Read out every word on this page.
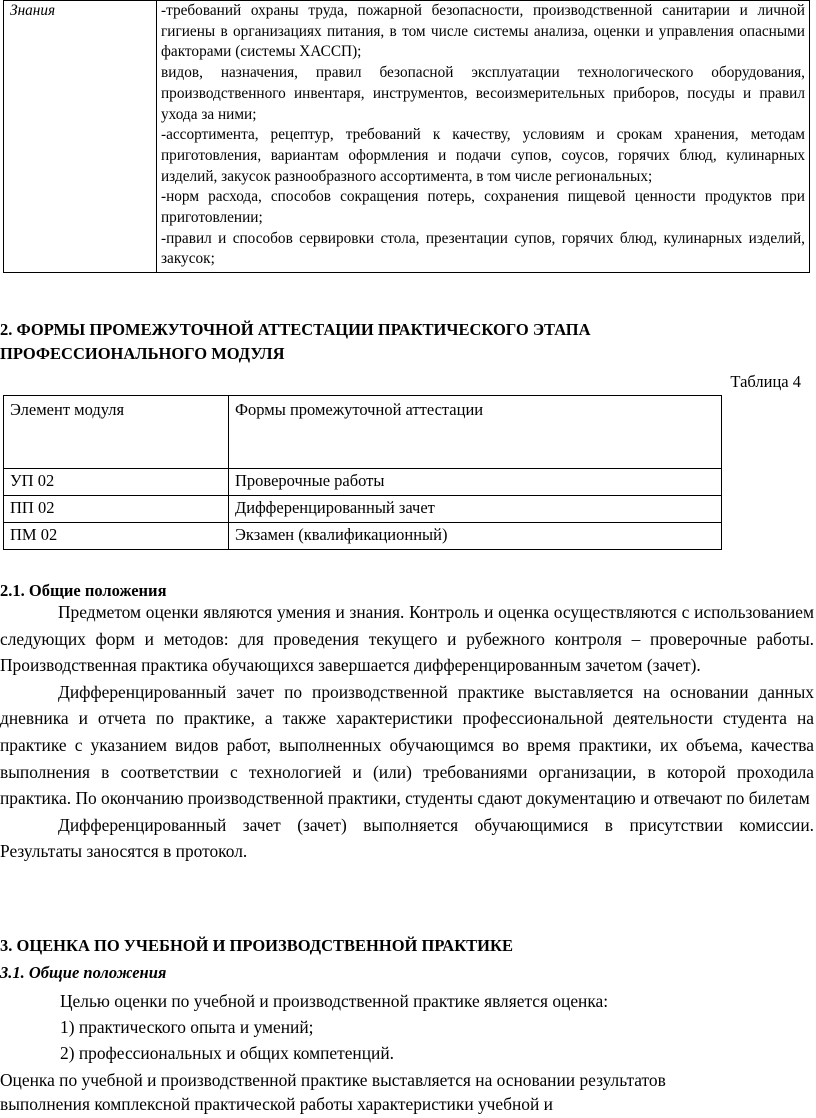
Знания	-требований охраны труда, пожарной безопасности, производственной санитарии и личной гигиены в организациях питания, в том числе системы анализа, оценки и управления опасными факторами (системы ХАССП);
видов, назначения, правил безопасной эксплуатации технологического оборудования, производственного инвентаря, инструментов, весоизмерительных приборов, посуды и правил ухода за ними;
-ассортимента, рецептур, требований к качеству, условиям и срокам хранения, методам приготовления, вариантам оформления и подачи супов, соусов, горячих блюд, кулинарных изделий, закусок разнообразного ассортимента, в том числе региональных;
-норм расхода, способов сокращения потерь, сохранения пищевой ценности продуктов при приготовлении;
-правил и способов сервировки стола, презентации супов, горячих блюд, кулинарных изделий, закусок;
2. ФОРМЫ ПРОМЕЖУТОЧНОЙ АТТЕСТАЦИИ ПРАКТИЧЕСКОГО ЭТАПА
ПРОФЕССИОНАЛЬНОГО МОДУЛЯ
Таблица 4
Элемент модуля	Формы промежуточной аттестации
УП 02	Проверочные работы
ПП 02	Дифференцированный зачет
ПМ 02	Экзамен (квалификационный)
2.1. Общие положения

Предметом оценки являются умения и знания. Контроль и оценка осуществляются с использованием следующих форм и методов: для проведения текущего и рубежного контроля – проверочные работы. Производственная практика обучающихся завершается дифференцированным зачетом (зачет).

Дифференцированный зачет по производственной практике выставляется на основании данных дневника и отчета по практике, а также характеристики профессиональной деятельности студента на практике с указанием видов работ, выполненных обучающимся во время практики, их объема, качества выполнения в соответствии с технологией и (или) требованиями организации, в которой проходила практика. По окончанию производственной практики, студенты сдают документацию и отвечают по билетам

Дифференцированный зачет (зачет) выполняется обучающимися в присутствии комиссии. Результаты заносятся в протокол.

3. ОЦЕНКА ПО УЧЕБНОЙ И ПРОИЗВОДСТВЕННОЙ ПРАКТИКЕ
3.1. Общие положения
Целью оценки по учебной и производственной практике является оценка:
1) практического опыта и умений;
2) профессиональных и общих компетенций.
Оценка по учебной и производственной практике выставляется на основании результатов
выполнения комплексной практической работы характеристики учебной и
